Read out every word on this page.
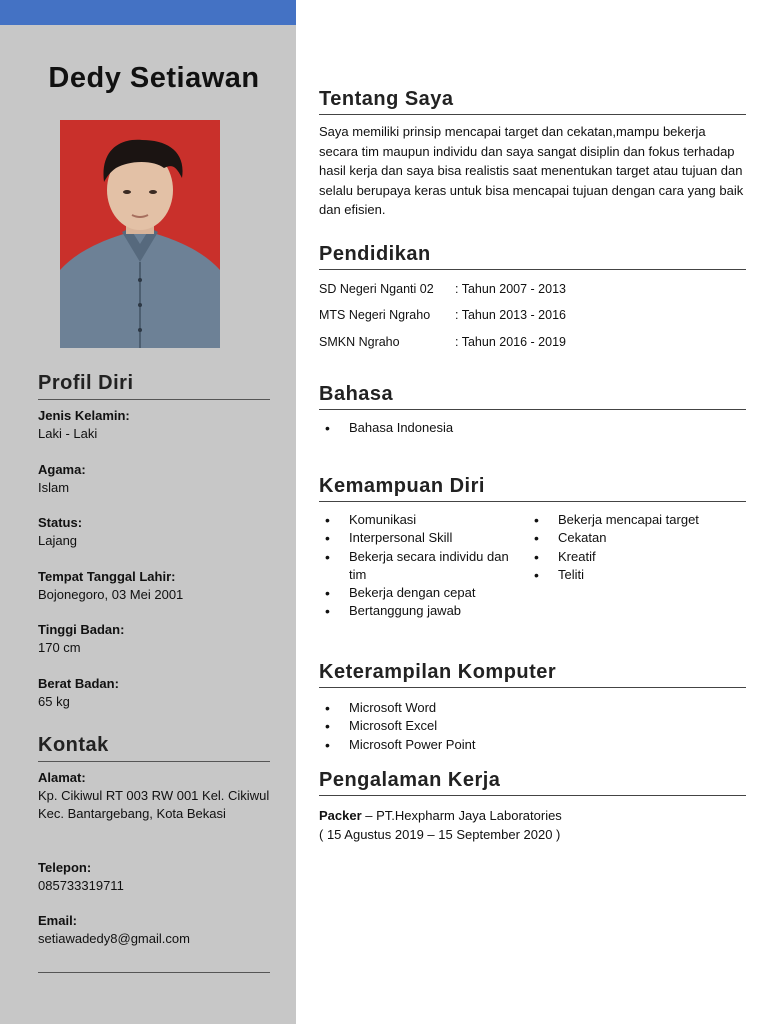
Dedy Setiawan
Profil Diri
Jenis Kelamin:
Laki - Laki
Agama:
Islam
Status:
Lajang
Tempat Tanggal Lahir:
Bojonegoro, 03 Mei 2001
Tinggi Badan:
170 cm
Berat Badan:
65 kg
Kontak
Alamat:
Kp. Cikiwul RT 003 RW 001 Kel. Cikiwul Kec. Bantargebang, Kota Bekasi
Telepon:
085733319711
Email:
setiawadedy8@gmail.com
Tentang Saya
Saya memiliki prinsip mencapai target dan cekatan,mampu bekerja secara tim maupun individu dan saya sangat disiplin dan fokus terhadap hasil kerja dan saya bisa realistis saat menentukan target atau tujuan dan selalu berupaya keras untuk bisa mencapai tujuan dengan cara yang baik dan efisien.
Pendidikan
SD Negeri Nganti 02 : Tahun 2007 - 2013
MTS Negeri Ngraho : Tahun 2013 - 2016
SMKN Ngraho	: Tahun 2016 - 2019
Bahasa
• Bahasa Indonesia
Kemampuan Diri
• Komunikasi
• Interpersonal Skill
• Bekerja secara individu dan tim
• Bekerja dengan cepat
• Bertanggung jawab
• Bekerja mencapai target
• Cekatan
• Kreatif
• Teliti
Keterampilan Komputer
• Microsoft Word
• Microsoft Excel
• Microsoft Power Point
Pengalaman Kerja
Packer – PT.Hexpharm Jaya Laboratories
( 15 Agustus 2019 – 15 September 2020 )
